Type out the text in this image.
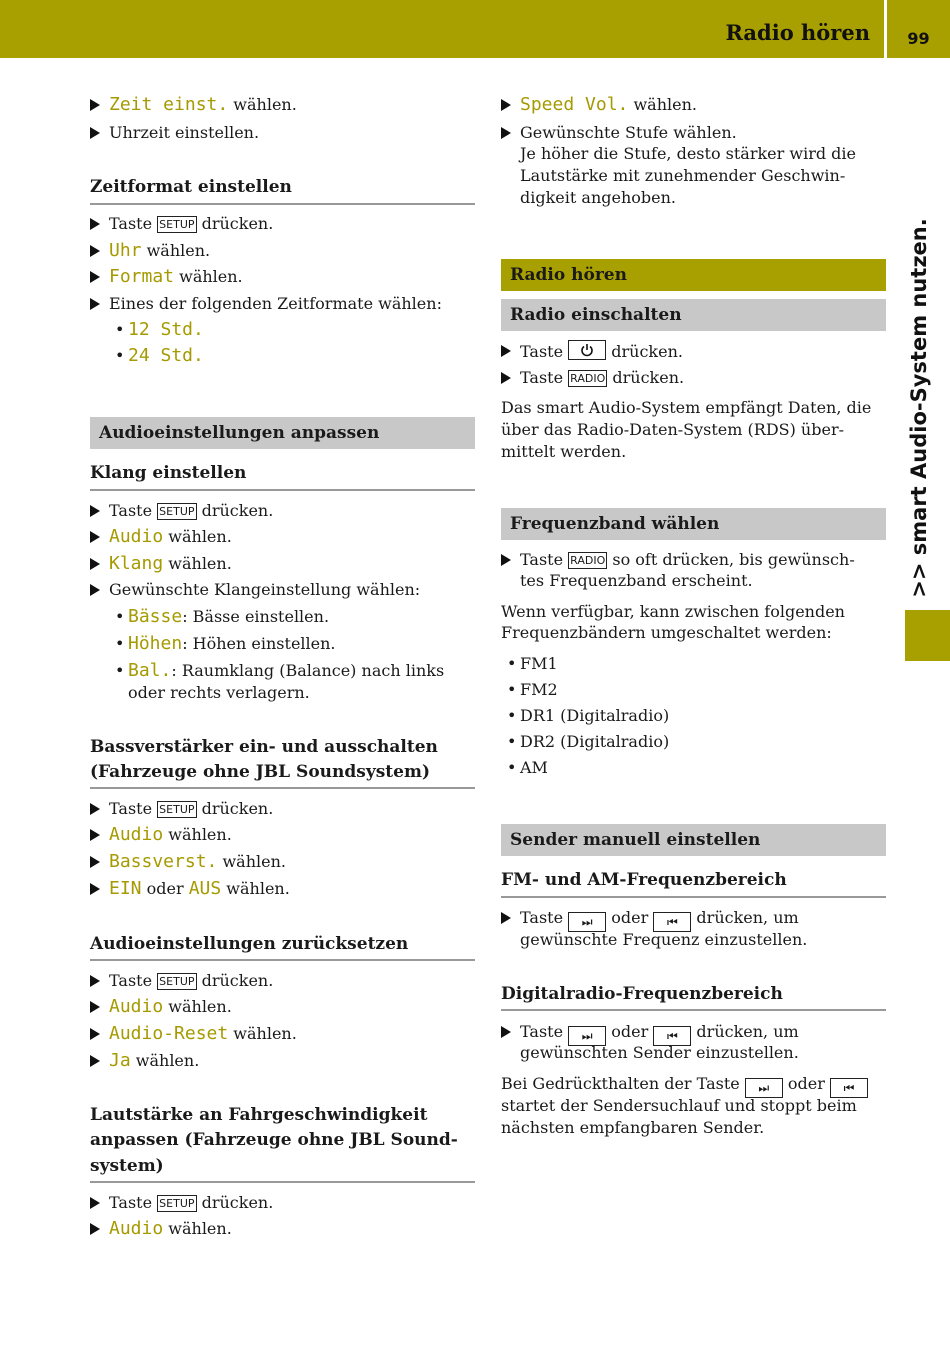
Radio hören	99
>> smart Audio-System nutzen.
Zeit einst. wählen.
Uhrzeit einstellen.
Zeitformat einstellen
Taste SETUP drücken.
Uhr wählen.
Format wählen.
Eines der folgenden Zeitformate wählen:
• 12 Std.
• 24 Std.
Audioeinstellungen anpassen
Klang einstellen
Taste SETUP drücken.
Audio wählen.
Klang wählen.
Gewünschte Klangeinstellung wählen:
• Bässe: Bässe einstellen.
• Höhen: Höhen einstellen.
• Bal.: Raumklang (Balance) nach links
oder rechts verlagern.
Bassverstärker ein- und ausschalten
(Fahrzeuge ohne JBL Soundsystem)
Taste SETUP drücken.
Audio wählen.
Bassverst. wählen.
EIN oder AUS wählen.
Audioeinstellungen zurücksetzen
Taste SETUP drücken.
Audio wählen.
Audio-Reset wählen.
Ja wählen.
Lautstärke an Fahrgeschwindigkeit
anpassen (Fahrzeuge ohne JBL Sound-
system)
Taste SETUP drücken.
Audio wählen.
Speed Vol. wählen.
Gewünschte Stufe wählen.
Je höher die Stufe, desto stärker wird die
Lautstärke mit zunehmender Geschwin-
digkeit angehoben.
Radio hören
Radio einschalten
Taste
drücken.
Taste RADIO drücken.
Das smart Audio-System empfängt Daten, die
über das Radio-Daten-System (RDS) über-
mittelt werden.
Frequenzband wählen
Taste RADIO so oft drücken, bis gewünsch-
tes Frequenzband erscheint.
Wenn verfügbar, kann zwischen folgenden
Frequenzbändern umgeschaltet werden:
• FM1
• FM2
• DR1 (Digitalradio)
• DR2 (Digitalradio)
• AM
Sender manuell einstellen
FM- und AM-Frequenzbereich
Taste ⏭ oder ⏮ drücken, um
gewünschte Frequenz einzustellen.
Digitalradio-Frequenzbereich
Taste ⏭ oder ⏮ drücken, um
gewünschten Sender einzustellen.
Bei Gedrückthalten der Taste ⏭ oder ⏮
startet der Sendersuchlauf und stoppt beim
nächsten empfangbaren Sender.
